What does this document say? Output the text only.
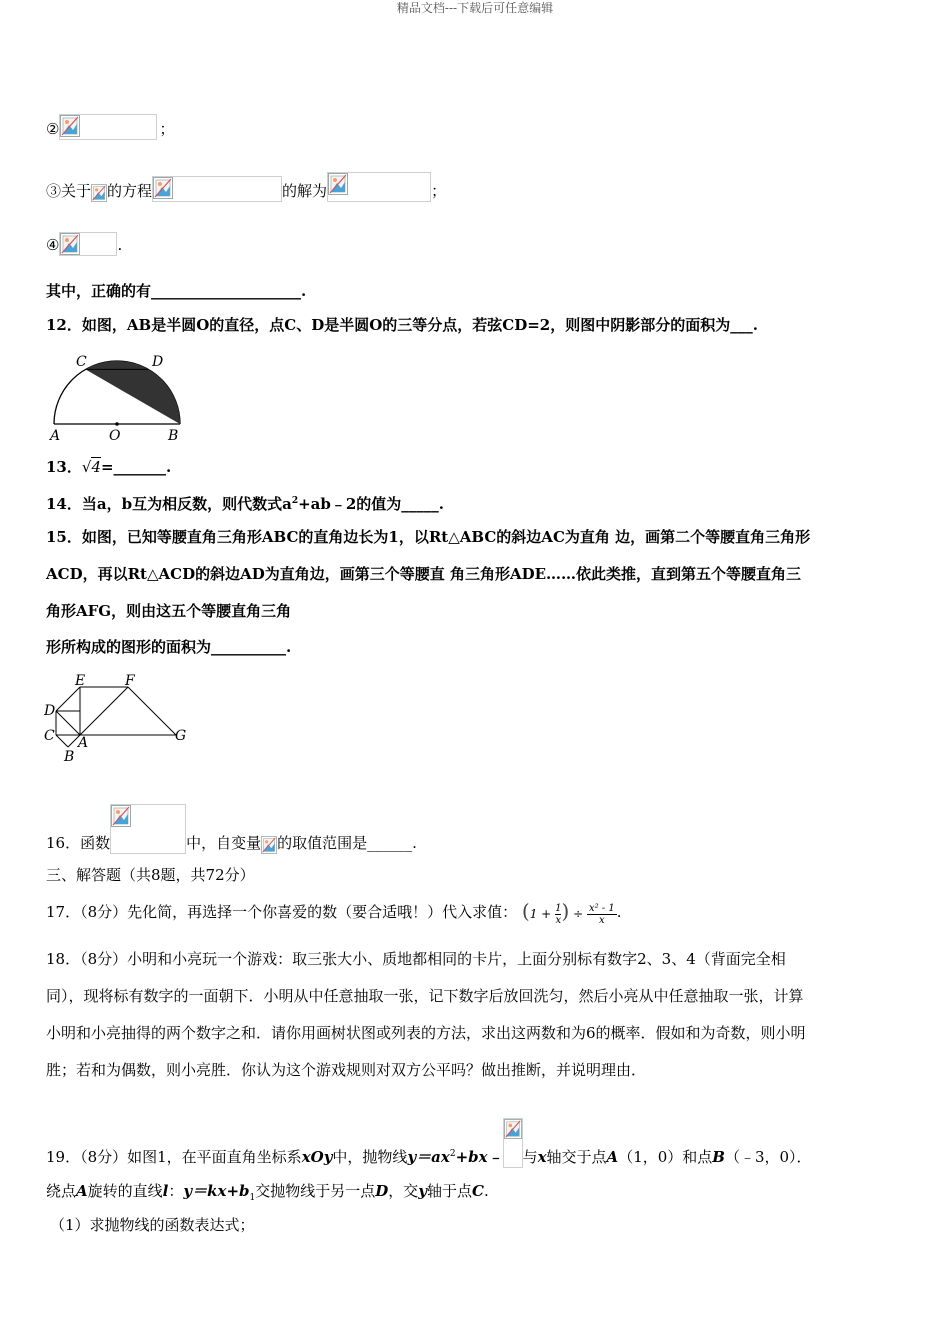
精品文档---下载后可任意编辑
②	；
③关于 的方程	的解为	；
④	.
其中，正确的有____________________.
12．如图，AB是半圆O的直径，点C、D是半圆O的三等分点，若弦CD=2，则图中阴影部分的面积为___.
C	D
A	O	B
13．√4=_______.
14．当a，b互为相反数，则代数式$a^2+ab﹣2$的值为_____.
15．如图，已知等腰直角三角形ABC的直角边长为1，以Rt△ABC的斜边AC为直角 边，画第二个等腰直角三角形
ACD，再以Rt△ACD的斜边AD为直角边，画第三个等腰直 角三角形ADE……依此类推，直到第五个等腰直角三
角形AFG，则由这五个等腰直角三角
形所构成的图形的面积为__________.
E	F
D
C A
B
G
16．函数	中，自变量 的取值范围是______.
三、解答题（共8题，共72分）
17．（8分）先化简，再选择一个你喜爱的数（要合适哦！）代入求值： ($1 + \frac{1}{x}$ ) ÷ $\frac{\text{x² - 1}}{x}$ .
18．（8分）小明和小亮玩一个游戏：取三张大小、质地都相同的卡片，上面分别标有数字2、3、4（背面完全相
同），现将标有数字的一面朝下．小明从中任意抽取一张，记下数字后放回洗匀，然后小亮从中任意抽取一张，计算
小明和小亮抽得的两个数字之和．请你用画树状图或列表的方法，求出这两数和为6的概率．假如和为奇数，则小明
胜；若和为偶数，则小亮胜．你认为这个游戏规则对双方公平吗？做出推断，并说明理由．
19．（8分）如图1，在平面直角坐标系xOy中，抛物线$y=ax^2+bx﹣$ 与x轴交于点A（1，0）和点B（﹣3，0）．
绕点A旋转的直线l：$y=kx+b_1$交抛物线于另一点D，交y轴于点C.
（1）求抛物线的函数表达式；
